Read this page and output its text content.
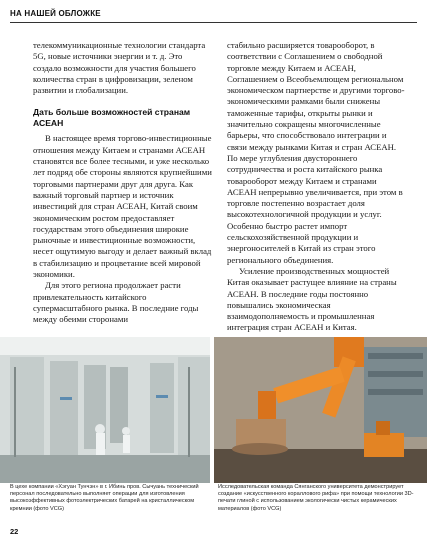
НА НАШЕЙ ОБЛОЖКЕ

телекоммуникационные технологии стандарта 5G, новые источники энергии и т. д. Это создало возможности для участия большего количества стран в цифровизации, зеленом развитии и глобализации.

Дать больше возможностей странам АСЕАН

В настоящее время торгово-инвестиционные отношения между Китаем и странами АСЕАН становятся все более тесными, и уже несколько лет подряд обе стороны являются крупнейшими торговыми партнерами друг для друга. Как важный торговый партнер и источник инвестиций для стран АСЕАН, Китай своим экономическим ростом предоставляет государствам этого объединения широкие рыночные и инвестиционные возможности, несет ощутимую выгоду и делает важный вклад в стабилизацию и процветание всей мировой экономики.

Для этого региона продолжает расти привлекательность китайского супермасштабного рынка. В последние годы между обеими сторонами

стабильно расширяется товарооборот, в соответствии с Соглашением о свободной торговле между Китаем и АСЕАН, Соглашением о Всеобъемлющем региональном экономическом партнерстве и другими торгово-экономическими рамками были снижены таможенные тарифы, открыты рынки и значительно сокращены многочисленные барьеры, что способствовало интеграции и связи между рынками Китая и стран АСЕАН. По мере углубления двустороннего сотрудничества и роста китайского рынка товарооборот между Китаем и странами АСЕАН непрерывно увеличивается, при этом в торговле постепенно возрастает доля высокотехнологичной продукции и услуг. Особенно быстро растет импорт сельскохозяйственной продукции и энергоносителей в Китай из стран этого регионального объединения.

Усиление производственных мощностей Китая оказывает растущее влияние на страны АСЕАН. В последние годы постоянно повышались экономическая взаимодополняемость и промышленная интеграция стран АСЕАН и Китая.

В цехе компании «Хэгуан Тунчэн» в г. Ибинь пров. Сычуань технический персонал последовательно выполняет операции для изготовления высокоэффективных фотоэлектрических батарей на кристаллическом кремнии (фото VCG)
Исследовательская команда Сянганского университета демонстрирует создание «искусственного кораллового рифа» при помощи технологии 3D-печати глиной с использованием экологически чистых керамических материалов (фото VCG)
22
